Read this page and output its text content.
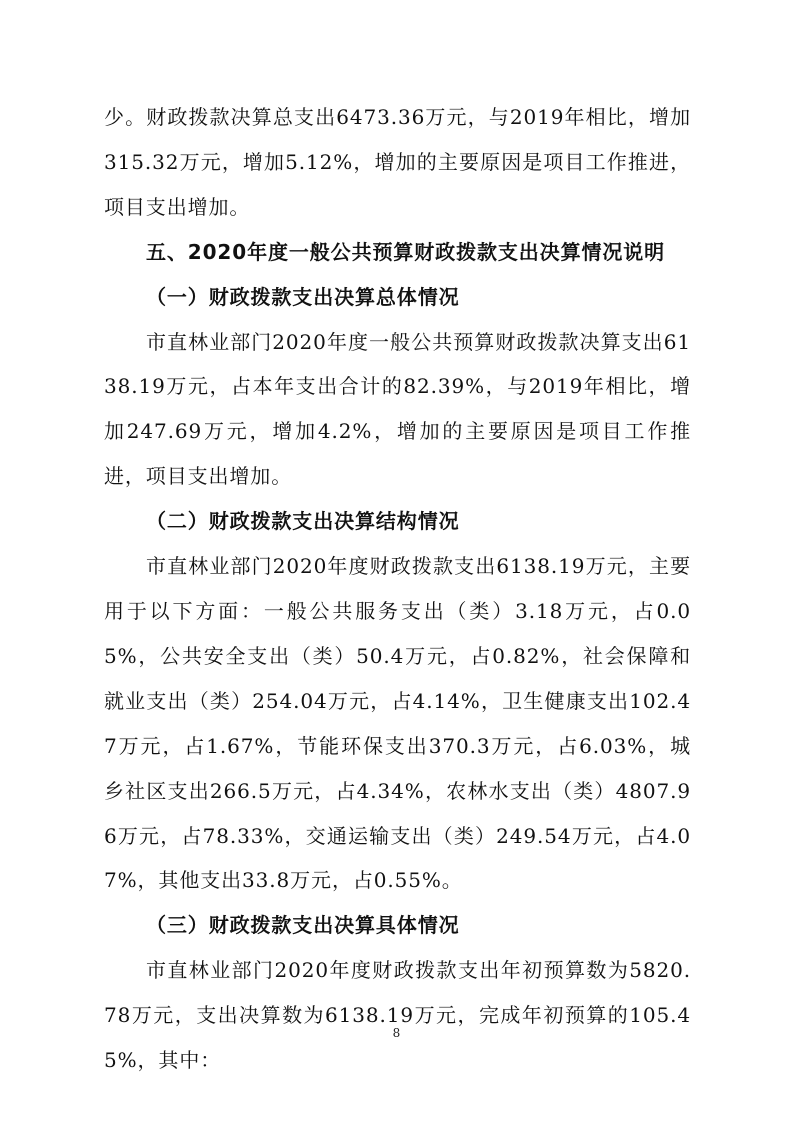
少。财政拨款决算总支出6473.36万元，与2019年相比，增加315.32万元，增加5.12%，增加的主要原因是项目工作推进，项目支出增加。

五、2020年度一般公共预算财政拨款支出决算情况说明

（一）财政拨款支出决算总体情况

市直林业部门2020年度一般公共预算财政拨款决算支出6138.19万元，占本年支出合计的82.39%，与2019年相比，增加247.69万元，增加4.2%，增加的主要原因是项目工作推进，项目支出增加。

（二）财政拨款支出决算结构情况

市直林业部门2020年度财政拨款支出6138.19万元，主要用于以下方面：一般公共服务支出（类）3.18万元，占0.05%，公共安全支出（类）50.4万元，占0.82%，社会保障和就业支出（类）254.04万元，占4.14%，卫生健康支出102.47万元，占1.67%，节能环保支出370.3万元，占6.03%，城乡社区支出266.5万元，占4.34%，农林水支出（类）4807.96万元，占78.33%，交通运输支出（类）249.54万元，占4.07%，其他支出33.8万元，占0.55%。

（三）财政拨款支出决算具体情况

市直林业部门2020年度财政拨款支出年初预算数为5820.78万元，支出决算数为6138.19万元，完成年初预算的105.45%，其中：

8
